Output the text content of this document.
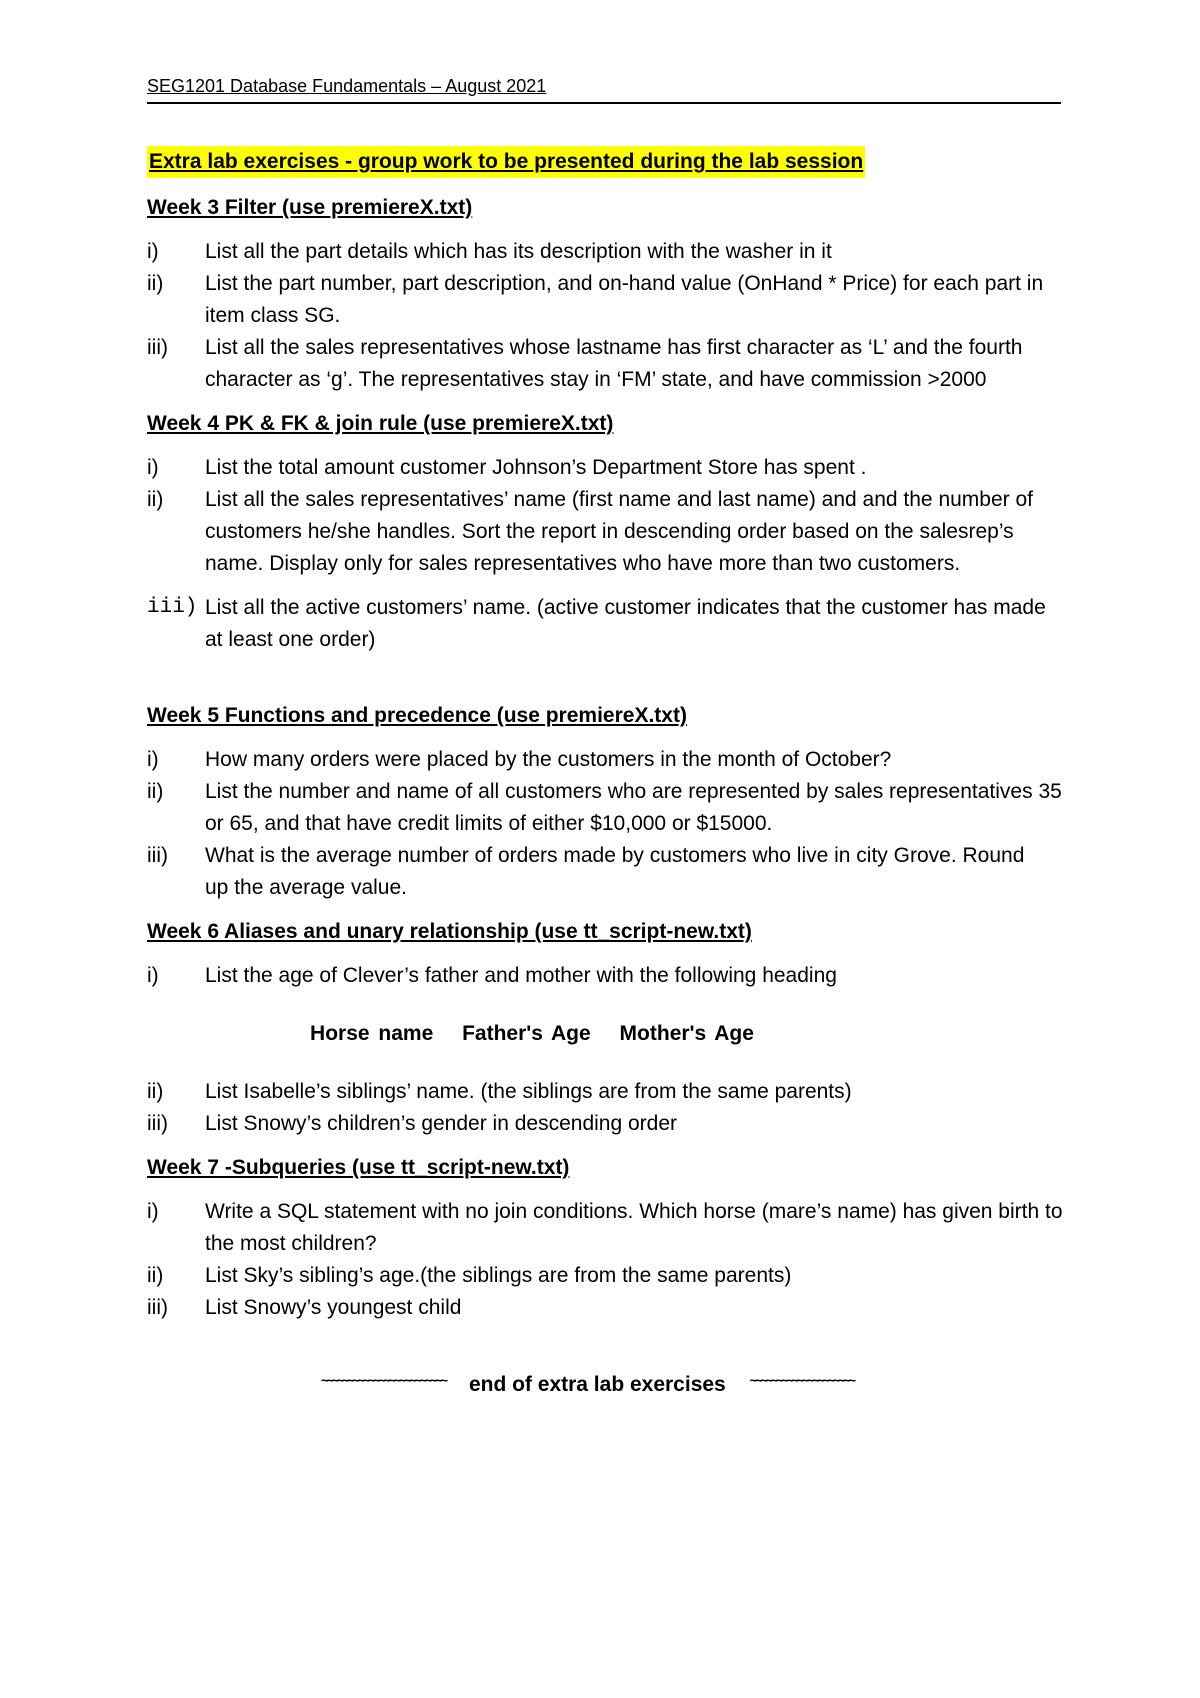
SEG1201 Database Fundamentals – August 2021
Extra lab exercises - group work to be presented during the lab session
Week 3 Filter (use premiereX.txt)
i) List all the part details which has its description with the washer in it
ii) List the part number, part description, and on-hand value (OnHand * Price) for each part in item class SG.
iii) List all the sales representatives whose lastname has first character as ‘L’ and the fourth character as ‘g’. The representatives stay in ‘FM’ state, and have commission >2000
Week 4 PK & FK & join rule (use premiereX.txt)
i) List the total amount customer Johnson’s Department Store has spent .
ii) List all the sales representatives’ name (first name and last name) and and the number of customers he/she handles. Sort the report in descending order based on the salesrep’s name. Display only for sales representatives who have more than two customers.
iii) List all the active customers’ name. (active customer indicates that the customer has made at least one order)
Week 5 Functions and precedence (use premiereX.txt)
i) How many orders were placed by the customers in the month of October?
ii) List the number and name of all customers who are represented by sales representatives 35 or 65, and that have credit limits of either $10,000 or $15000.
iii) What is the average number of orders made by customers who live in city Grove. Round up the average value.
Week 6 Aliases and unary relationship (use tt_script-new.txt)
i) List the age of Clever’s father and mother with the following heading
Horse name Father's Age Mother's Age
ii) List Isabelle’s siblings’ name. (the siblings are from the same parents)
iii) List Snowy’s children’s gender in descending order
Week 7 -Subqueries (use tt_script-new.txt)
i) Write a SQL statement with no join conditions. Which horse (mare’s name) has given birth to the most children?
ii) List Sky’s sibling’s age.(the siblings are from the same parents)
iii) List Snowy’s youngest child
~~~~~~~~~~~~~~~~~~~~~~~~ end of extra lab exercises ~~~~~~~~~~~~~~~~~~~~
